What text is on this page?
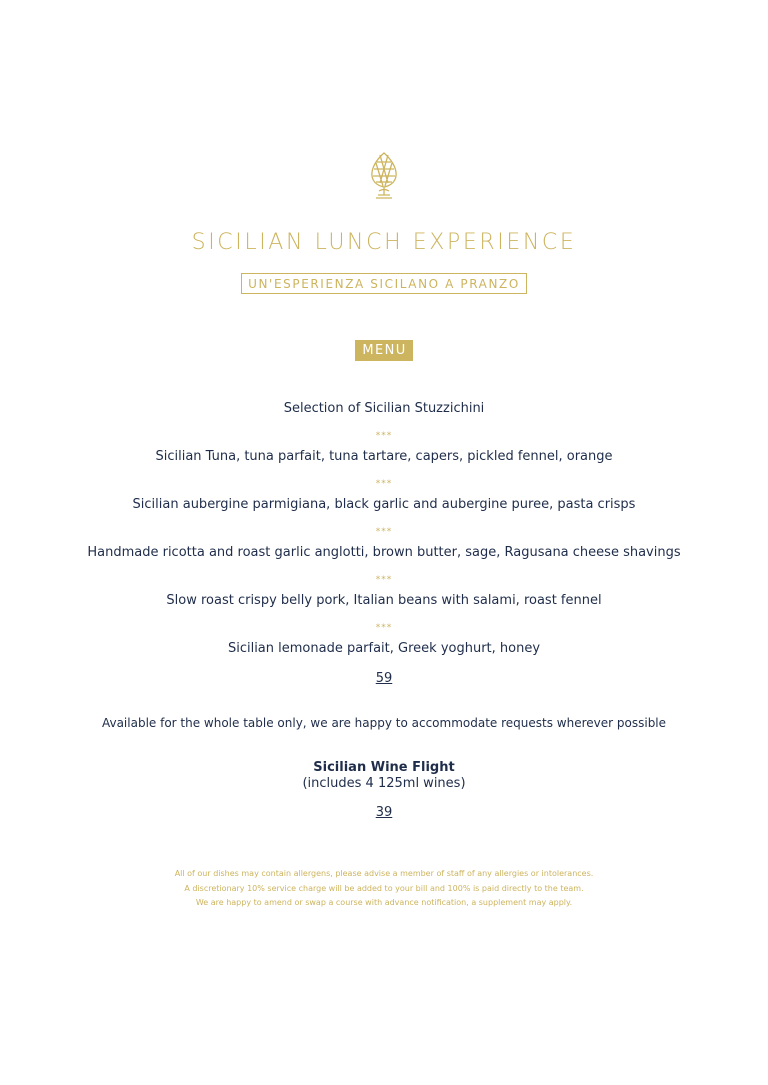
SICILIAN LUNCH EXPERIENCE
UN'ESPERIENZA SICILANO A PRANZO
MENU
Selection of Sicilian Stuzzichini
***
Sicilian Tuna, tuna parfait, tuna tartare, capers, pickled fennel, orange
***
Sicilian aubergine parmigiana, black garlic and aubergine puree, pasta crisps
***
Handmade ricotta and roast garlic anglotti, brown butter, sage, Ragusana cheese shavings
***
Slow roast crispy belly pork, Italian beans with salami, roast fennel
***
Sicilian lemonade parfait, Greek yoghurt, honey
59
Available for the whole table only, we are happy to accommodate requests wherever possible
Sicilian Wine Flight
(includes 4 125ml wines)
39
All of our dishes may contain allergens, please advise a member of staff of any allergies or intolerances.
A discretionary 10% service charge will be added to your bill and 100% is paid directly to the team.
We are happy to amend or swap a course with advance notification, a supplement may apply.
